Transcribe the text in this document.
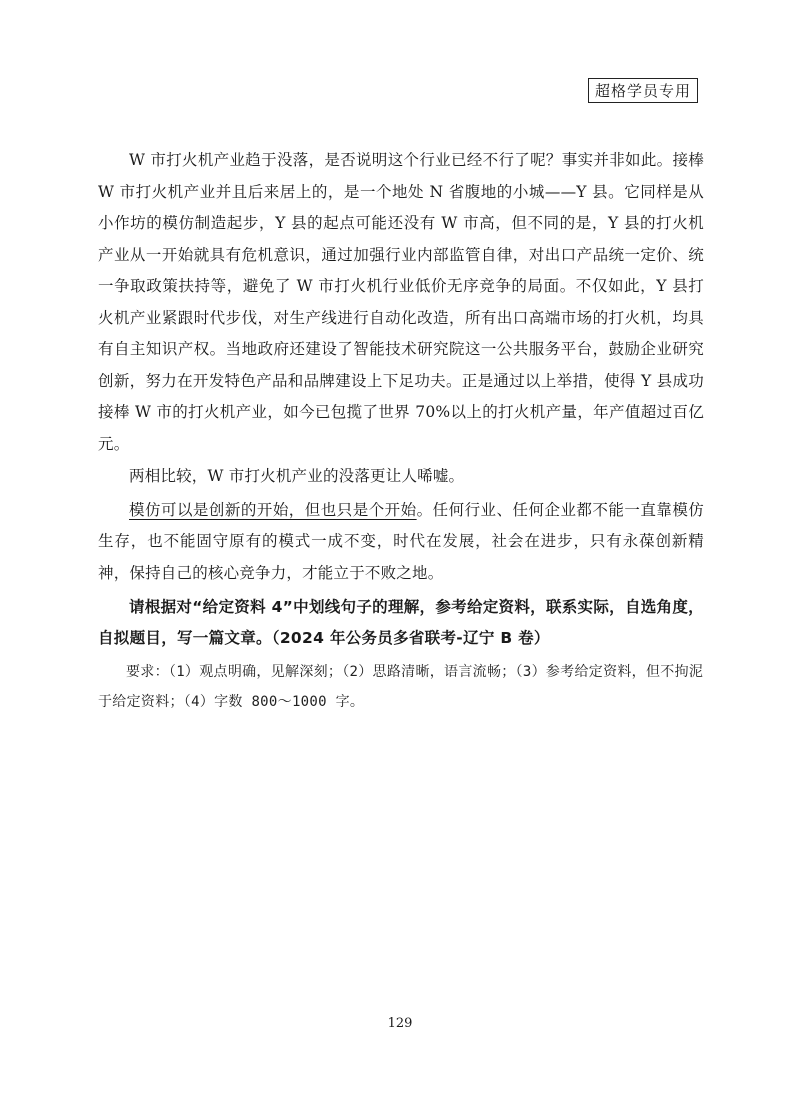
超格学员专用

W 市打火机产业趋于没落，是否说明这个行业已经不行了呢？事实并非如此。接棒 W 市打火机产业并且后来居上的，是一个地处 N 省腹地的小城——Y 县。它同样是从小作坊的模仿制造起步，Y 县的起点可能还没有 W 市高，但不同的是，Y 县的打火机产业从一开始就具有危机意识，通过加强行业内部监管自律，对出口产品统一定价、统一争取政策扶持等，避免了 W 市打火机行业低价无序竞争的局面。不仅如此，Y 县打火机产业紧跟时代步伐，对生产线进行自动化改造，所有出口高端市场的打火机，均具有自主知识产权。当地政府还建设了智能技术研究院这一公共服务平台，鼓励企业研究创新，努力在开发特色产品和品牌建设上下足功夫。正是通过以上举措，使得 Y 县成功接棒 W 市的打火机产业，如今已包揽了世界 70%以上的打火机产量，年产值超过百亿元。

两相比较，W 市打火机产业的没落更让人唏嘘。

模仿可以是创新的开始，但也只是个开始。任何行业、任何企业都不能一直靠模仿生存，也不能固守原有的模式一成不变，时代在发展，社会在进步，只有永葆创新精神，保持自己的核心竞争力，才能立于不败之地。

请根据对“给定资料 4”中划线句子的理解，参考给定资料，联系实际，自选角度，自拟题目，写一篇文章。（2024 年公务员多省联考-辽宁 B 卷）

要求：（1）观点明确，见解深刻；（2）思路清晰，语言流畅；（3）参考给定资料，但不拘泥于给定资料；（4）字数 800～1000 字。

129
